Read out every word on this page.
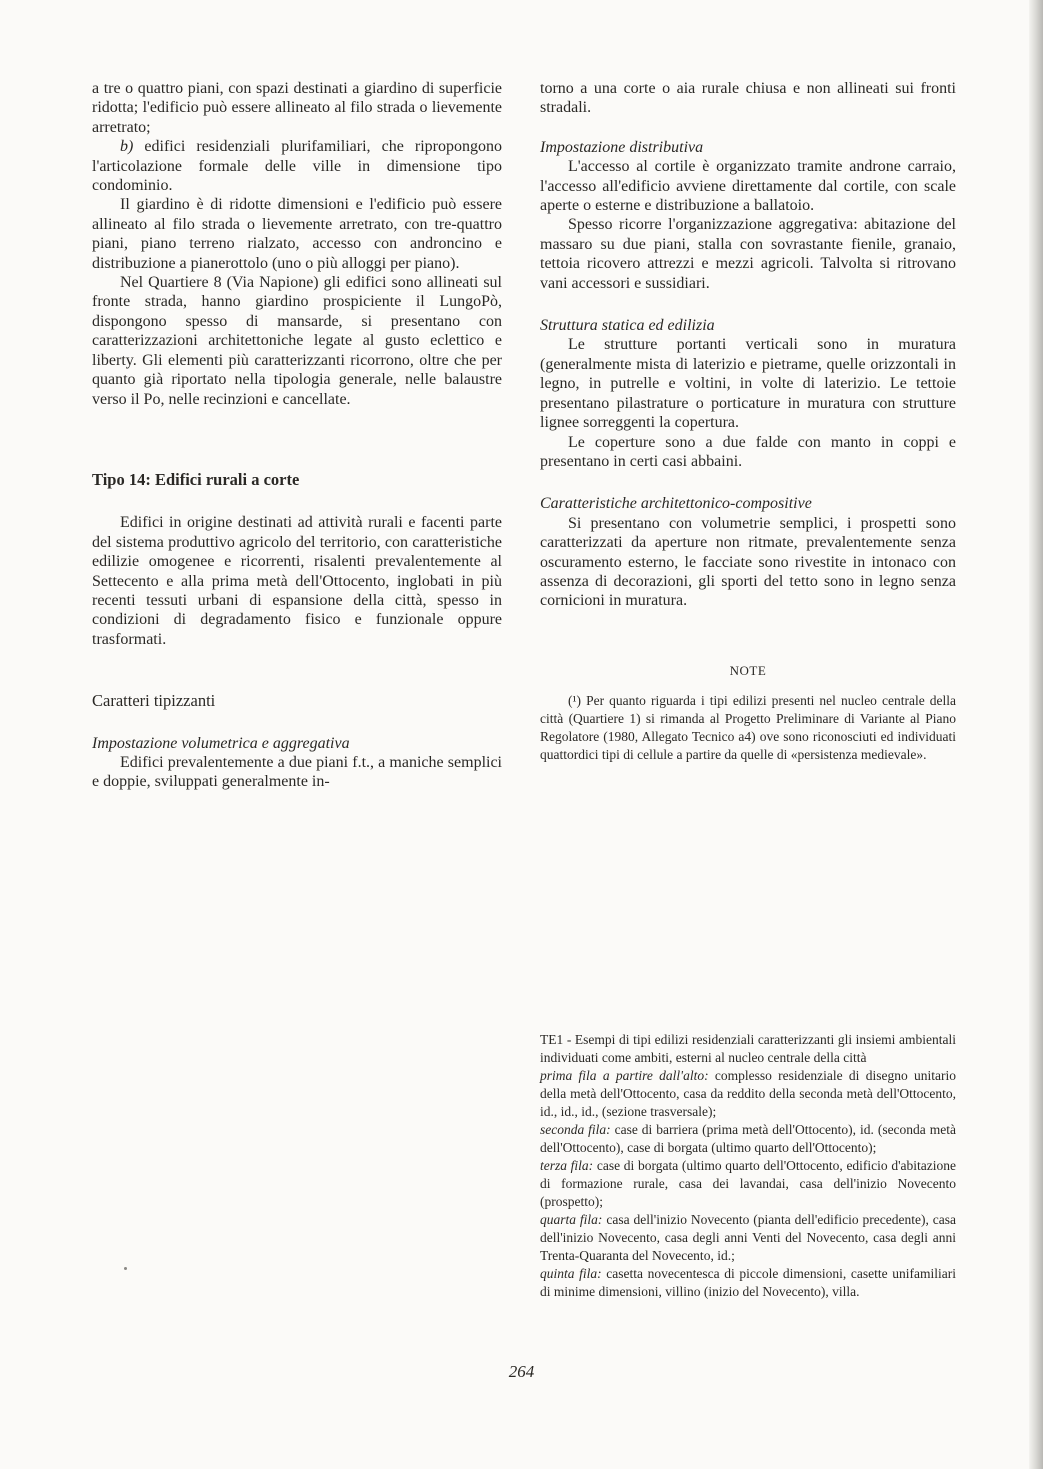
a tre o quattro piani, con spazi destinati a giardino di superficie ridotta; l'edificio può essere allineato al filo strada o lievemente arretrato;

b) edifici residenziali plurifamiliari, che ripropongono l'articolazione formale delle ville in dimensione tipo condominio.

Il giardino è di ridotte dimensioni e l'edificio può essere allineato al filo strada o lievemente arretrato, con tre-quattro piani, piano terreno rialzato, accesso con androncino e distribuzione a pianerottolo (uno o più alloggi per piano).

Nel Quartiere 8 (Via Napione) gli edifici sono allineati sul fronte strada, hanno giardino prospiciente il LungoPò, dispongono spesso di mansarde, si presentano con caratterizzazioni architettoniche legate al gusto eclettico e liberty. Gli elementi più caratterizzanti ricorrono, oltre che per quanto già riportato nella tipologia generale, nelle balaustre verso il Po, nelle recinzioni e cancellate.

Tipo 14: Edifici rurali a corte

Edifici in origine destinati ad attività rurali e facenti parte del sistema produttivo agricolo del territorio, con caratteristiche edilizie omogenee e ricorrenti, risalenti prevalentemente al Settecento e alla prima metà dell'Ottocento, inglobati in più recenti tessuti urbani di espansione della città, spesso in condizioni di degradamento fisico e funzionale oppure trasformati.

Caratteri tipizzanti

Impostazione volumetrica e aggregativa

Edifici prevalentemente a due piani f.t., a maniche semplici e doppie, sviluppati generalmente in-

torno a una corte o aia rurale chiusa e non allineati sui fronti stradali.

Impostazione distributiva

L'accesso al cortile è organizzato tramite androne carraio, l'accesso all'edificio avviene direttamente dal cortile, con scale aperte o esterne e distribuzione a ballatoio.

Spesso ricorre l'organizzazione aggregativa: abitazione del massaro su due piani, stalla con sovrastante fienile, granaio, tettoia ricovero attrezzi e mezzi agricoli. Talvolta si ritrovano vani accessori e sussidiari.

Struttura statica ed edilizia

Le strutture portanti verticali sono in muratura (generalmente mista di laterizio e pietrame, quelle orizzontali in legno, in putrelle e voltini, in volte di laterizio. Le tettoie presentano pilastrature o porticature in muratura con strutture lignee sorreggenti la copertura.

Le coperture sono a due falde con manto in coppi e presentano in certi casi abbaini.

Caratteristiche architettonico-compositive

Si presentano con volumetrie semplici, i prospetti sono caratterizzati da aperture non ritmate, prevalentemente senza oscuramento esterno, le facciate sono rivestite in intonaco con assenza di decorazioni, gli sporti del tetto sono in legno senza cornicioni in muratura.

NOTE

(¹) Per quanto riguarda i tipi edilizi presenti nel nucleo centrale della città (Quartiere 1) si rimanda al Progetto Preliminare di Variante al Piano Regolatore (1980, Allegato Tecnico a4) ove sono riconosciuti ed individuati quattordici tipi di cellule a partire da quelle di «persistenza medievale».

TE1 - Esempi di tipi edilizi residenziali caratterizzanti gli insiemi ambientali individuati come ambiti, esterni al nucleo centrale della città

prima fila a partire dall'alto: complesso residenziale di disegno unitario della metà dell'Ottocento, casa da reddito della seconda metà dell'Ottocento, id., id., id., (sezione trasversale);

seconda fila: case di barriera (prima metà dell'Ottocento), id. (seconda metà dell'Ottocento), case di borgata (ultimo quarto dell'Ottocento);

terza fila: case di borgata (ultimo quarto dell'Ottocento, edificio d'abitazione di formazione rurale, casa dei lavandai, casa dell'inizio Novecento (prospetto);

quarta fila: casa dell'inizio Novecento (pianta dell'edificio precedente), casa dell'inizio Novecento, casa degli anni Venti del Novecento, casa degli anni Trenta-Quaranta del Novecento, id.;

quinta fila: casetta novecentesca di piccole dimensioni, casette unifamiliari di minime dimensioni, villino (inizio del Novecento), villa.

264
